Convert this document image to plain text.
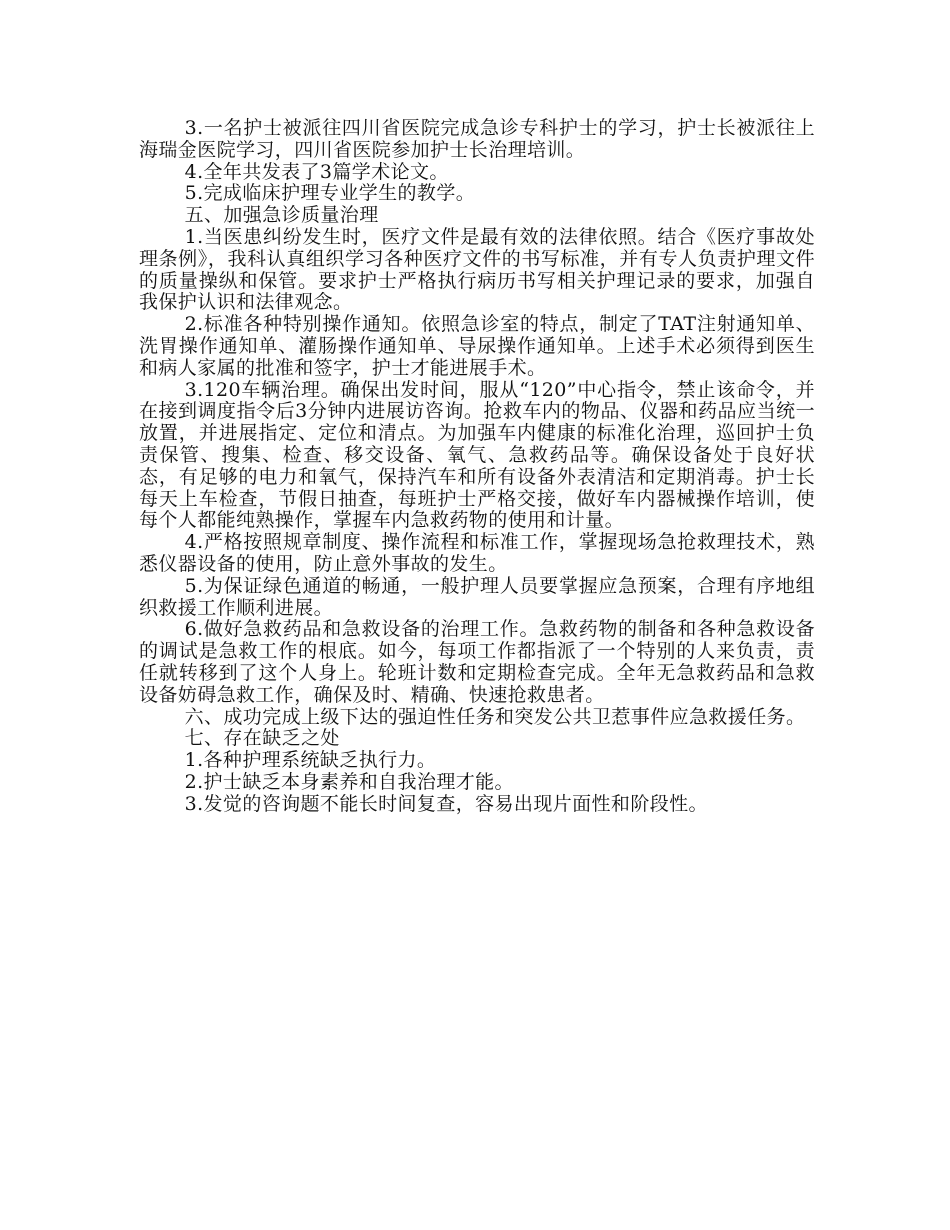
3.一名护士被派往四川省医院完成急诊专科护士的学习，护士长被派往上海瑞金医院学习，四川省医院参加护士长治理培训。

4.全年共发表了3篇学术论文。

5.完成临床护理专业学生的教学。

五、加强急诊质量治理

1.当医患纠纷发生时，医疗文件是最有效的法律依照。结合《医疗事故处理条例》，我科认真组织学习各种医疗文件的书写标准，并有专人负责护理文件的质量操纵和保管。要求护士严格执行病历书写相关护理记录的要求，加强自我保护认识和法律观念。

2.标准各种特别操作通知。依照急诊室的特点，制定了TAT注射通知单、洗胃操作通知单、灌肠操作通知单、导尿操作通知单。上述手术必须得到医生和病人家属的批准和签字，护士才能进展手术。

3.120车辆治理。确保出发时间，服从“120”中心指令，禁止该命令，并在接到调度指令后3分钟内进展访咨询。抢救车内的物品、仪器和药品应当统一放置，并进展指定、定位和清点。为加强车内健康的标准化治理，巡回护士负责保管、搜集、检查、移交设备、氧气、急救药品等。确保设备处于良好状态，有足够的电力和氧气，保持汽车和所有设备外表清洁和定期消毒。护士长每天上车检查，节假日抽查，每班护士严格交接，做好车内器械操作培训，使每个人都能纯熟操作，掌握车内急救药物的使用和计量。

4.严格按照规章制度、操作流程和标准工作，掌握现场急抢救理技术，熟悉仪器设备的使用，防止意外事故的发生。

5.为保证绿色通道的畅通，一般护理人员要掌握应急预案，合理有序地组织救援工作顺利进展。

6.做好急救药品和急救设备的治理工作。急救药物的制备和各种急救设备的调试是急救工作的根底。如今，每项工作都指派了一个特别的人来负责，责任就转移到了这个人身上。轮班计数和定期检查完成。全年无急救药品和急救设备妨碍急救工作，确保及时、精确、快速抢救患者。

六、成功完成上级下达的强迫性任务和突发公共卫惹事件应急救援任务。

七、存在缺乏之处

1.各种护理系统缺乏执行力。

2.护士缺乏本身素养和自我治理才能。

3.发觉的咨询题不能长时间复查，容易出现片面性和阶段性。
